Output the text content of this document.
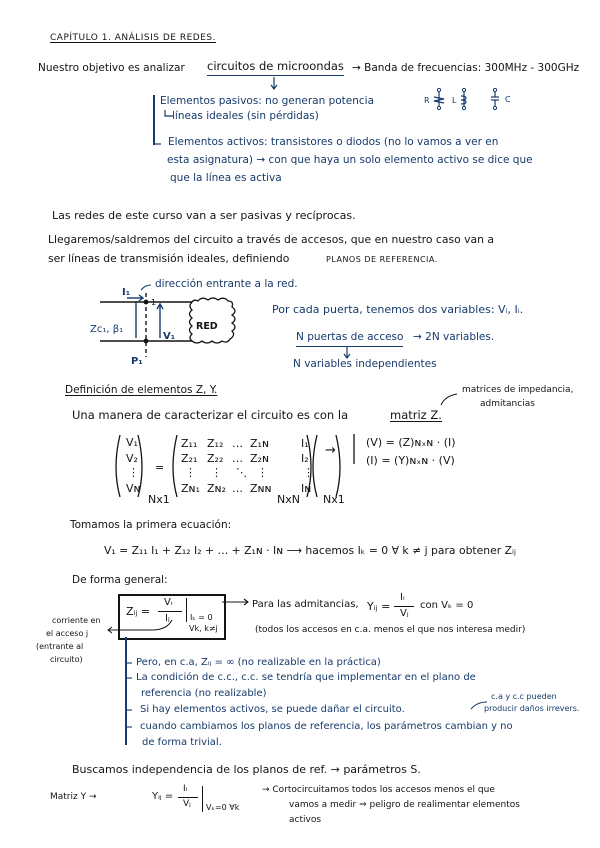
CAPÍTULO 1. ANÁLISIS DE REDES.
Nuestro objetivo es analizar circuitos de microondas → Banda de frecuencias: 300MHz - 300GHz
Elementos pasivos: no generan potencia
líneas ideales (sin pérdidas)
R	L	C
Elementos activos: transistores o diodos (no lo vamos a ver en
esta asignatura) → con que haya un solo elemento activo se dice que
que la línea es activa
Las redes de este curso van a ser pasivas y recíprocas.
Llegaremos/saldremos del circuito a través de accesos, que en nuestro caso van a
ser líneas de transmisión ideales, definiendo	PLANOS DE REFERENCIA.
I₁
dirección entrante a la red.
1
Zc₁, β₁
V₁
RED
P₁
Por cada puerta, tenemos dos variables: Vᵢ, Iᵢ.
N puertas de acceso → 2N variables.
N variables independientes
Definición de elementos Z, Y.	matrices de impedancia,
admitancias
Una manera de caracterizar el circuito es con la	matriz Z.
V₁
V₂
⋮
Vɴ
Nx1
=
Z₁₁ Z₁₂ … Z₁ɴ
Z₂₁ Z₂₂ … Z₂ɴ
⋮ ⋮ ⋱ ⋮
Zɴ₁ Zɴ₂ … Zɴɴ
NxN
I₁
I₂
⋮
Iɴ
Nx1
→
(V) = (Z)ɴₓɴ · (I)
(I) = (Y)ɴₓɴ · (V)
Tomamos la primera ecuación:
V₁ = Z₁₁ I₁ + Z₁₂ I₂ + … + Z₁ɴ · Iɴ ⟶ hacemos Iₖ = 0 ∀ k ≠ j para obtener Zᵢⱼ
De forma general:
Zᵢⱼ =
Vᵢ
Iⱼ	Iₖ = 0
Vk, k≠j
corriente en
el acceso j
(entrante al
circuito)
Para las admitancias, Yᵢⱼ =
Iᵢ
Vⱼ
con Vₖ = 0
(todos los accesos en c.a. menos el que nos interesa medir)
Pero, en c.a, Zᵢⱼ = ∞ (no realizable en la práctica)
La condición de c.c., c.c. se tendría que implementar en el plano de
referencia (no realizable)
Si hay elementos activos, se puede dañar el circuito.
c.a y c.c pueden
producir daños irrevers.
cuando cambiamos los planos de referencia, los parámetros cambian y no
de forma trivial.
Buscamos independencia de los planos de ref. → parámetros S.
Matriz Y →	Yᵢⱼ =
Iᵢ
Vⱼ Vₖ=0 ∀k
→ Cortocircuitamos todos los accesos menos el que
vamos a medir ⇒ peligro de realimentar elementos
activos
